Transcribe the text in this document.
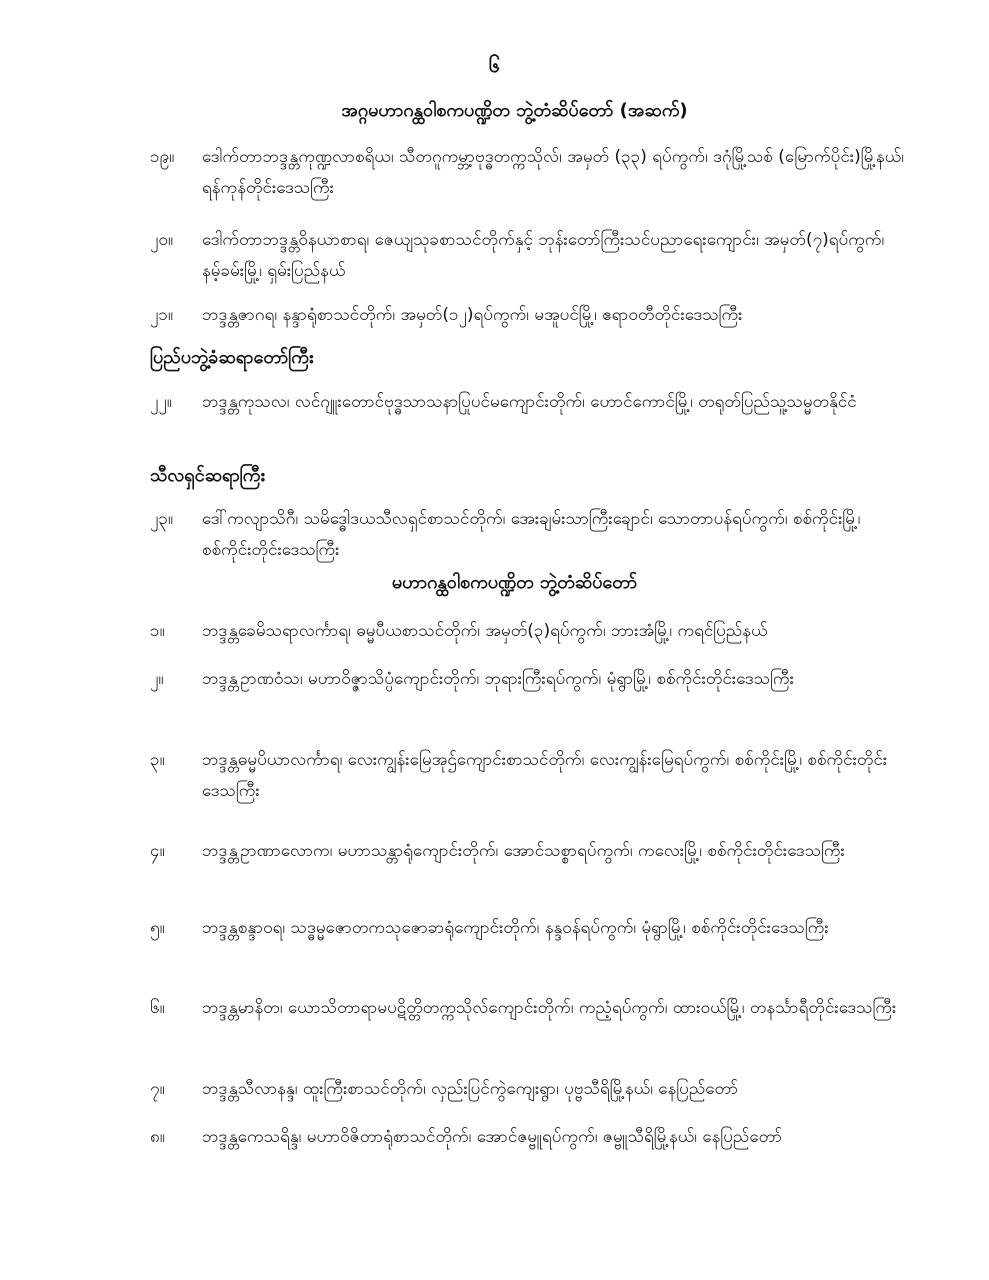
၆
အဂ္ဂမဟာဂန္ထဝါစကပဏ္ဍိတ ဘွဲ့တံဆိပ်တော် (အဆက်)
၁၉။	ဒေါက်တာဘဒ္ဒန္တကုဏ္ဍလာစရိယ၊ သီတဂူကမ္ဘာ့ဗုဒ္ဓတက္ကသိုလ်၊ အမှတ် (၃၃) ရပ်ကွက်၊ ဒဂုံမြို့သစ် (မြောက်ပိုင်း)မြို့နယ်၊ ရန်ကုန်တိုင်းဒေသကြီး
၂၀။	ဒေါက်တာဘဒ္ဒန္တဝိနယာစာရ၊ ဇေယျသုခစာသင်တိုက်နှင့် ဘုန်းတော်ကြီးသင်ပညာရေးကျောင်း၊ အမှတ်(၇)ရပ်ကွက်၊ နမ့်ခမ်းမြို့၊ ရှမ်းပြည်နယ်
၂၁။	ဘဒ္ဒန္တဇာဂရ၊ နန္ဒာရုံစာသင်တိုက်၊ အမှတ်(၁၂)ရပ်ကွက်၊ မအူပင်မြို့၊ ဧရာဝတီတိုင်းဒေသကြီး
ပြည်ပဘွဲ့ခံဆရာတော်ကြီး
၂၂။	ဘဒ္ဒန္တကုသလ၊ လင်ဂျူးတောင်ဗုဒ္ဓသာသနာပြုပင်မကျောင်းတိုက်၊ ဟောင်ကောင်မြို့၊ တရုတ်ပြည်သူ့သမ္မတနိုင်ငံ
သီလရှင်ဆရာကြီး
၂၃။	ဒေါ်ကလျာသိဂီ၊ သမိဒ္ဓေါဒယသီလရှင်စာသင်တိုက်၊ အေးချမ်းသာကြီးချောင်၊ သောတာပန်ရပ်ကွက်၊ စစ်ကိုင်းမြို့၊ စစ်ကိုင်းတိုင်းဒေသကြီး
မဟာဂန္ထဝါစကပဏ္ဍိတ ဘွဲ့တံဆိပ်တော်
၁။	ဘဒ္ဒန္တခေမိသရာလင်္ကာရ၊ ဓမ္မပီယစာသင်တိုက်၊ အမှတ်(၃)ရပ်ကွက်၊ ဘားအံမြို့၊ ကရင်ပြည်နယ်
၂။	ဘဒ္ဒန္တဥာဏဝံသ၊ မဟာဝိဇ္ဇာသိပ္ပံကျောင်းတိုက်၊ ဘုရားကြီးရပ်ကွက်၊ မုံရွာမြို့၊ စစ်ကိုင်းတိုင်းဒေသကြီး
၃။	ဘဒ္ဒန္တဓမ္မပိယာလင်္ကာရ၊ လေးကျွန်းမြေအုဌ်ကျောင်းစာသင်တိုက်၊ လေးကျွန်းမြေရပ်ကွက်၊ စစ်ကိုင်းမြို့၊ စစ်ကိုင်းတိုင်းဒေသကြီး
၄။	ဘဒ္ဒန္တဥာဏာလောက၊ မဟာသန္တာရုံကျောင်းတိုက်၊ အောင်သစ္စာရပ်ကွက်၊ ကလေးမြို့၊ စစ်ကိုင်းတိုင်းဒေသကြီး
၅။	ဘဒ္ဒန္တစန္ဒာဝရ၊ သဒ္ဓမ္မဇောတကသုဇောခာရုံကျောင်းတိုက်၊ နန္ဒဝန်ရပ်ကွက်၊ မုံရွာမြို့၊ စစ်ကိုင်းတိုင်းဒေသကြီး
၆။	ဘဒ္ဒန္တမာနိတ၊ ယောသိတာရာမပဋိတ္တိတက္ကသိုလ်ကျောင်းတိုက်၊ ကညံ့ရပ်ကွက်၊ ထားဝယ်မြို့၊ တနင်္သာရီတိုင်းဒေသကြီး
၇။	ဘဒ္ဒန္တသီလာနန္ဒ၊ ထူးကြီးစာသင်တိုက်၊ လှည်းပြင်ကွဲကျေးရွာ၊ ပုဗ္ဗသီရိမြို့နယ်၊ နေပြည်တော်
၈။	ဘဒ္ဒန္တကေသရိန္ဒ၊ မဟာဝိဇိတာရုံစာသင်တိုက်၊ အောင်ဇမ္ဗူရပ်ကွက်၊ ဇမ္ဗူသီရိမြို့နယ်၊ နေပြည်တော်
